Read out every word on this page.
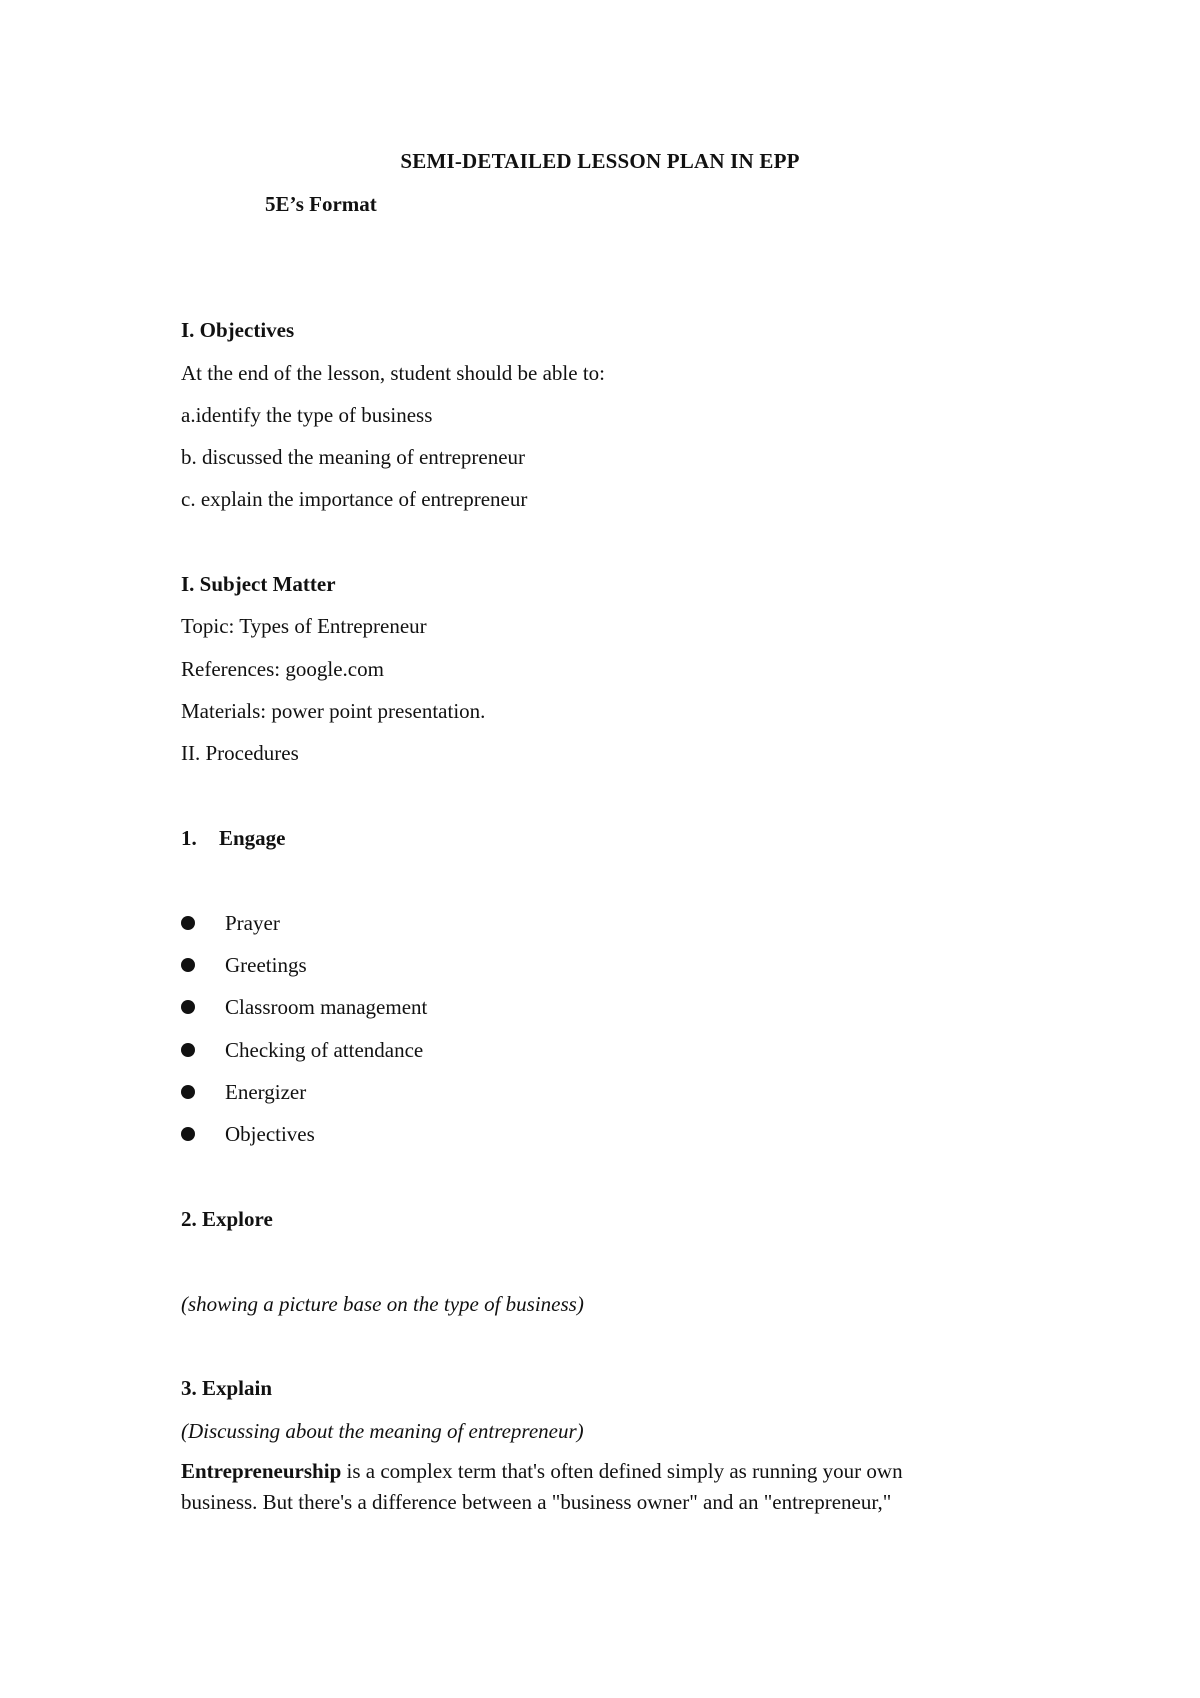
SEMI-DETAILED LESSON PLAN IN EPP
5E’s Format
I. Objectives
At the end of the lesson, student should be able to:
a.identify the type of business
b. discussed the meaning of entrepreneur
c. explain the importance of entrepreneur
I. Subject Matter
Topic: Types of Entrepreneur
References: google.com
Materials: power point presentation.
II. Procedures
1. Engage
Prayer
Greetings
Classroom management
Checking of attendance
Energizer
Objectives
2. Explore
(showing a picture base on the type of business)
3. Explain
(Discussing about the meaning of entrepreneur)
Entrepreneurship is a complex term that's often defined simply as running your own
business. But there's a difference between a "business owner" and an "entrepreneur,"
